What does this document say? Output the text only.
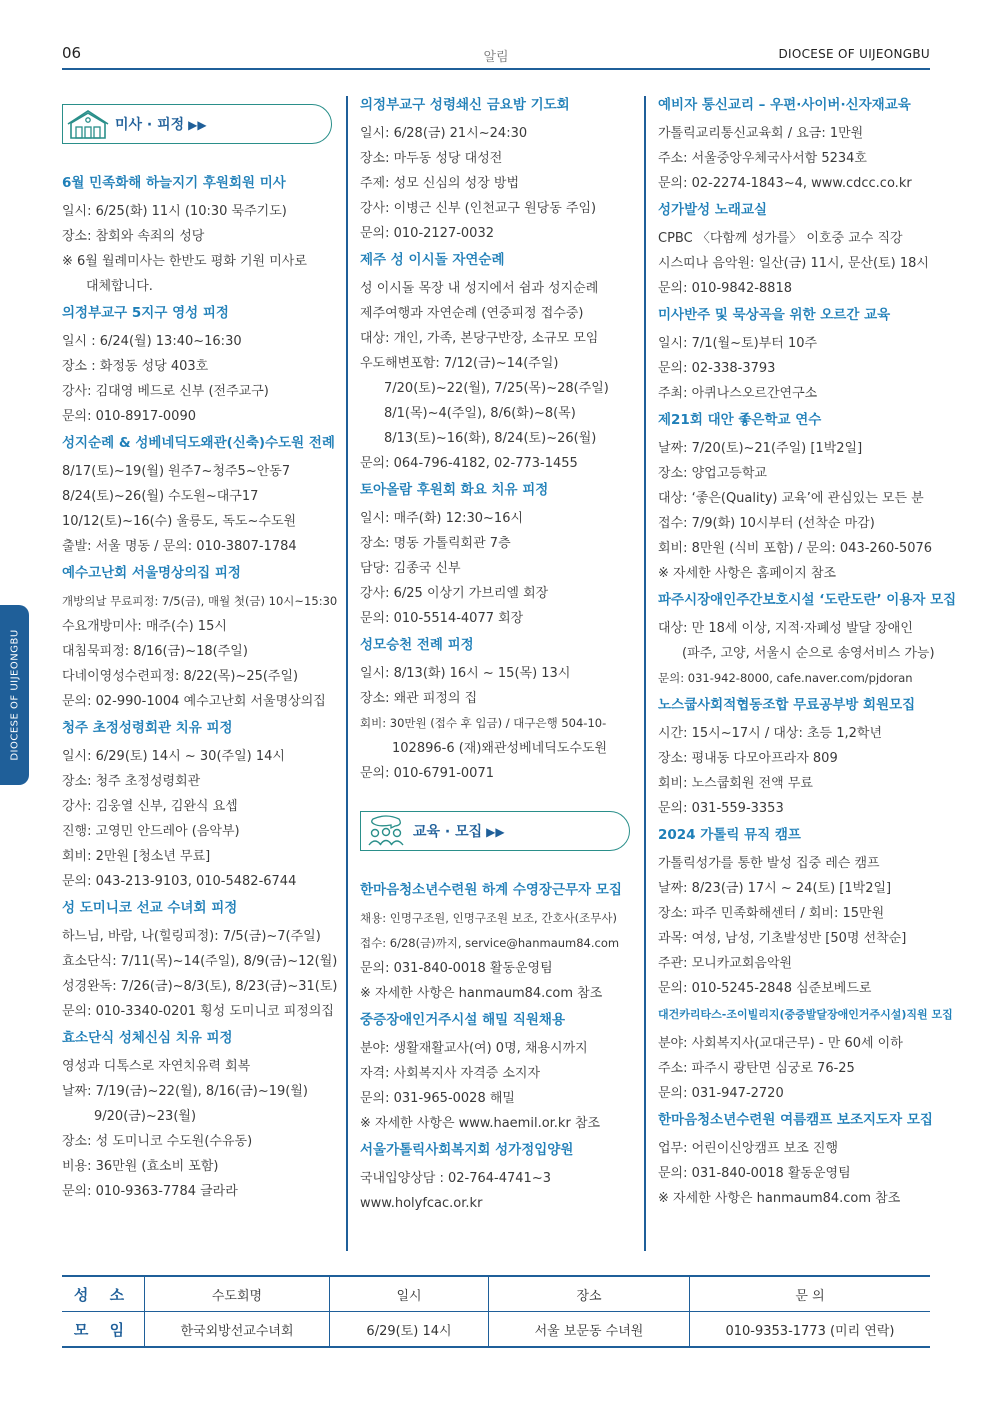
06	알림	DIOCESE OF UIJEONGBU
DIOCESE OF UIJEONGBU
미사 · 피정 ▶▶
6월 민족화해 하늘지기 후원회원 미사
일시: 6/25(화) 11시 (10:30 묵주기도)
장소: 참회와 속죄의 성당
※ 6월 월례미사는 한반도 평화 기원 미사로
대체합니다.
의정부교구 5지구 영성 피정
일시 : 6/24(월) 13:40~16:30
장소 : 화정동 성당 403호
강사: 김대영 베드로 신부 (전주교구)
문의: 010-8917-0090
성지순례 & 성베네딕도왜관(신축)수도원 전례
8/17(토)~19(월) 원주7~청주5~안동7
8/24(토)~26(월) 수도원~대구17
10/12(토)~16(수) 울릉도, 독도~수도원
출발: 서울 명동 / 문의: 010-3807-1784
예수고난회 서울명상의집 피정
개방의날 무료피정: 7/5(금), 매월 첫(금) 10시~15:30
수요개방미사: 매주(수) 15시
대침묵피정: 8/16(금)~18(주일)
다네이영성수련피정: 8/22(목)~25(주일)
문의: 02-990-1004 예수고난회 서울명상의집
청주 초정성령회관 치유 피정
일시: 6/29(토) 14시 ~ 30(주일) 14시
장소: 청주 초정성령회관
강사: 김웅열 신부, 김완식 요셉
진행: 고영민 안드레아 (음악부)
회비: 2만원 [청소년 무료]
문의: 043-213-9103, 010-5482-6744
성 도미니코 선교 수녀회 피정
하느님, 바람, 나(힐링피정): 7/5(금)~7(주일)
효소단식: 7/11(목)~14(주일), 8/9(금)~12(월)
성경완독: 7/26(금)~8/3(토), 8/23(금)~31(토)
문의: 010-3340-0201 횡성 도미니코 피정의집
효소단식 성체신심 치유 피정
영성과 디톡스로 자연치유력 회복
날짜: 7/19(금)~22(월), 8/16(금)~19(월)
9/20(금)~23(월)
장소: 성 도미니코 수도원(수유동)
비용: 36만원 (효소비 포함)
문의: 010-9363-7784 글라라
의정부교구 성령쇄신 금요밤 기도회
일시: 6/28(금) 21시~24:30
장소: 마두동 성당 대성전
주제: 성모 신심의 성장 방법
강사: 이병근 신부 (인천교구 원당동 주임)
문의: 010-2127-0032
제주 성 이시돌 자연순례
성 이시돌 목장 내 성지에서 쉼과 성지순례
제주여행과 자연순례 (연중피정 접수중)
대상: 개인, 가족, 본당구반장, 소규모 모임
우도해변포함: 7/12(금)~14(주일)
7/20(토)~22(월), 7/25(목)~28(주일)
8/1(목)~4(주일), 8/6(화)~8(목)
8/13(토)~16(화), 8/24(토)~26(월)
문의: 064-796-4182, 02-773-1455
토아올람 후원회 화요 치유 피정
일시: 매주(화) 12:30~16시
장소: 명동 가톨릭회관 7층
담당: 김종국 신부
강사: 6/25 이상기 가브리엘 회장
문의: 010-5514-4077 회장
성모승천 전례 피정
일시: 8/13(화) 16시 ~ 15(목) 13시
장소: 왜관 피정의 집
회비: 30만원 (접수 후 입금) / 대구은행 504-10-
102896-6 (재)왜관성베네딕도수도원
문의: 010-6791-0071
교육 · 모집 ▶▶
한마음청소년수련원 하계 수영장근무자 모집
채용: 인명구조원, 인명구조원 보조, 간호사(조무사)
접수: 6/28(금)까지, service@hanmaum84.com
문의: 031-840-0018 활동운영팀
※ 자세한 사항은 hanmaum84.com 참조
중증장애인거주시설 해밀 직원채용
분야: 생활재활교사(여) 0명, 채용시까지
자격: 사회복지사 자격증 소지자
문의: 031-965-0028 해밀
※ 자세한 사항은 www.haemil.or.kr 참조
서울가톨릭사회복지회 성가정입양원
국내입양상담 : 02-764-4741~3
www.holyfcac.or.kr
예비자 통신교리 – 우편·사이버·신자재교육
가톨릭교리통신교육회 / 요금: 1만원
주소: 서울중앙우체국사서함 5234호
문의: 02-2274-1843~4, www.cdcc.co.kr
성가발성 노래교실
CPBC 〈다함께 성가를〉 이호중 교수 직강
시스띠나 음악원: 일산(금) 11시, 문산(토) 18시
문의: 010-9842-8818
미사반주 및 묵상곡을 위한 오르간 교육
일시: 7/1(월~토)부터 10주
문의: 02-338-3793
주최: 아퀴나스오르간연구소
제21회 대안 좋은학교 연수
날짜: 7/20(토)~21(주일) [1박2일]
장소: 양업고등학교
대상: ‘좋은(Quality) 교육’에 관심있는 모든 분
접수: 7/9(화) 10시부터 (선착순 마감)
회비: 8만원 (식비 포함) / 문의: 043-260-5076
※ 자세한 사항은 홈페이지 참조
파주시장애인주간보호시설 ‘도란도란’ 이용자 모집
대상: 만 18세 이상, 지적·자폐성 발달 장애인
(파주, 고양, 서울시 순으로 송영서비스 가능)
문의: 031-942-8000, cafe.naver.com/pjdoran
노스쿱사회적협동조합 무료공부방 회원모집
시간: 15시~17시 / 대상: 초등 1,2학년
장소: 평내동 다모아프라자 809
회비: 노스쿱회원 전액 무료
문의: 031-559-3353
2024 가톨릭 뮤직 캠프
가톨릭성가를 통한 발성 집중 레슨 캠프
날짜: 8/23(금) 17시 ~ 24(토) [1박2일]
장소: 파주 민족화해센터 / 회비: 15만원
과목: 여성, 남성, 기초발성반 [50명 선착순]
주관: 모니카교회음악원
문의: 010-5245-2848 심준보베드로
대건카리타스-조이빌리지(중증발달장애인거주시설)직원 모집
분야: 사회복지사(교대근무) - 만 60세 이하
주소: 파주시 광탄면 심궁로 76-25
문의: 031-947-2720
한마음청소년수련원 여름캠프 보조지도자 모집
업무: 어린이신앙캠프 보조 진행
문의: 031-840-0018 활동운영팀
※ 자세한 사항은 hanmaum84.com 참조
성 소	수도회명	일시	장소	문 의
모 임	한국외방선교수녀회	6/29(토) 14시	서울 보문동 수녀원	010-9353-1773 (미리 연락)
